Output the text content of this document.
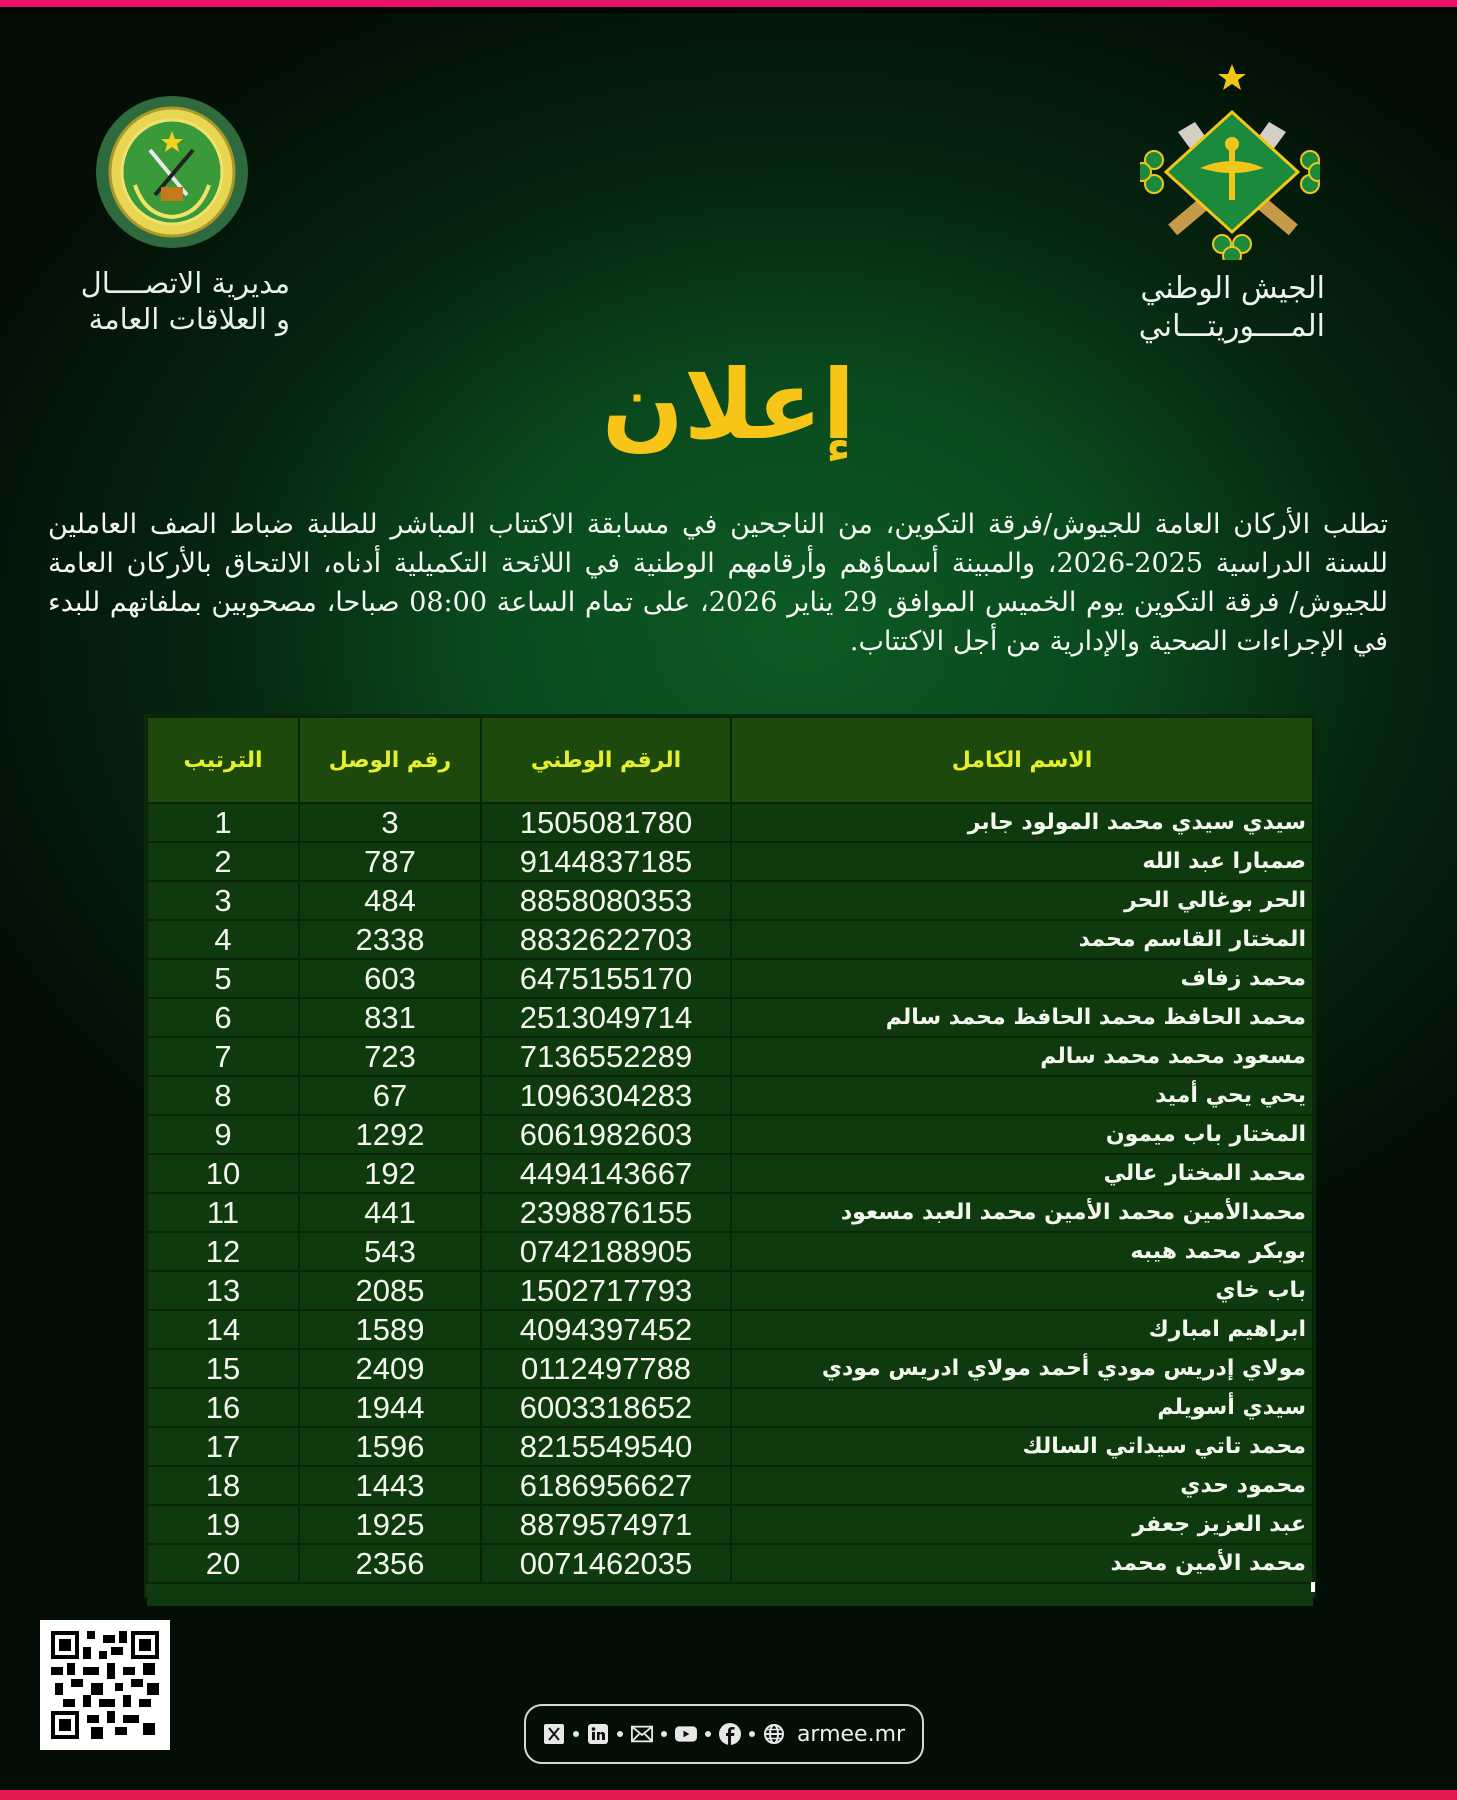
مديرية الاتصــــال
و العلاقات العامة
الجيش الوطني
المــــوريتـــاني
إعلان
تطلب الأركان العامة للجيوش/فرقة التكوين، من الناجحين في مسابقة الاكتتاب المباشر للطلبة ضباط الصف العاملين للسنة الدراسية 2025-2026، والمبينة أسماؤهم وأرقامهم الوطنية في اللائحة التكميلية أدناه، الالتحاق بالأركان العامة للجيوش/ فرقة التكوين يوم الخميس الموافق 29 يناير 2026، على تمام الساعة 08:00 صباحا، مصحوبين بملفاتهم للبدء في الإجراءات الصحية والإدارية من أجل الاكتتاب.
الاسم الكامل	الرقم الوطني	رقم الوصل	الترتيب
سيدي سيدي محمد المولود جابر	1505081780	3	1
صمبارا عبد الله	9144837185	787	2
الحر بوغالي الحر	8858080353	484	3
المختار القاسم محمد	8832622703	2338	4
محمد زفاف	6475155170	603	5
محمد الحافظ محمد الحافظ محمد سالم	2513049714	831	6
مسعود محمد محمد سالم	7136552289	723	7
يحي يحي أميد	1096304283	67	8
المختار باب ميمون	6061982603	1292	9
محمد المختار عالي	4494143667	192	10
محمدالأمين محمد الأمين محمد العبد مسعود	2398876155	441	11
بوبكر محمد هيبه	0742188905	543	12
باب خاي	1502717793	2085	13
ابراهيم امبارك	4094397452	1589	14
مولاي إدريس مودي أحمد مولاي ادريس مودي	0112497788	2409	15
سيدي أسويلم	6003318652	1944	16
محمد تاتي سيداتي السالك	8215549540	1596	17
محمود حدي	6186956627	1443	18
عبد العزيز جعفر	8879574971	1925	19
محمد الأمين محمد	0071462035	2356	20

armee.mr
